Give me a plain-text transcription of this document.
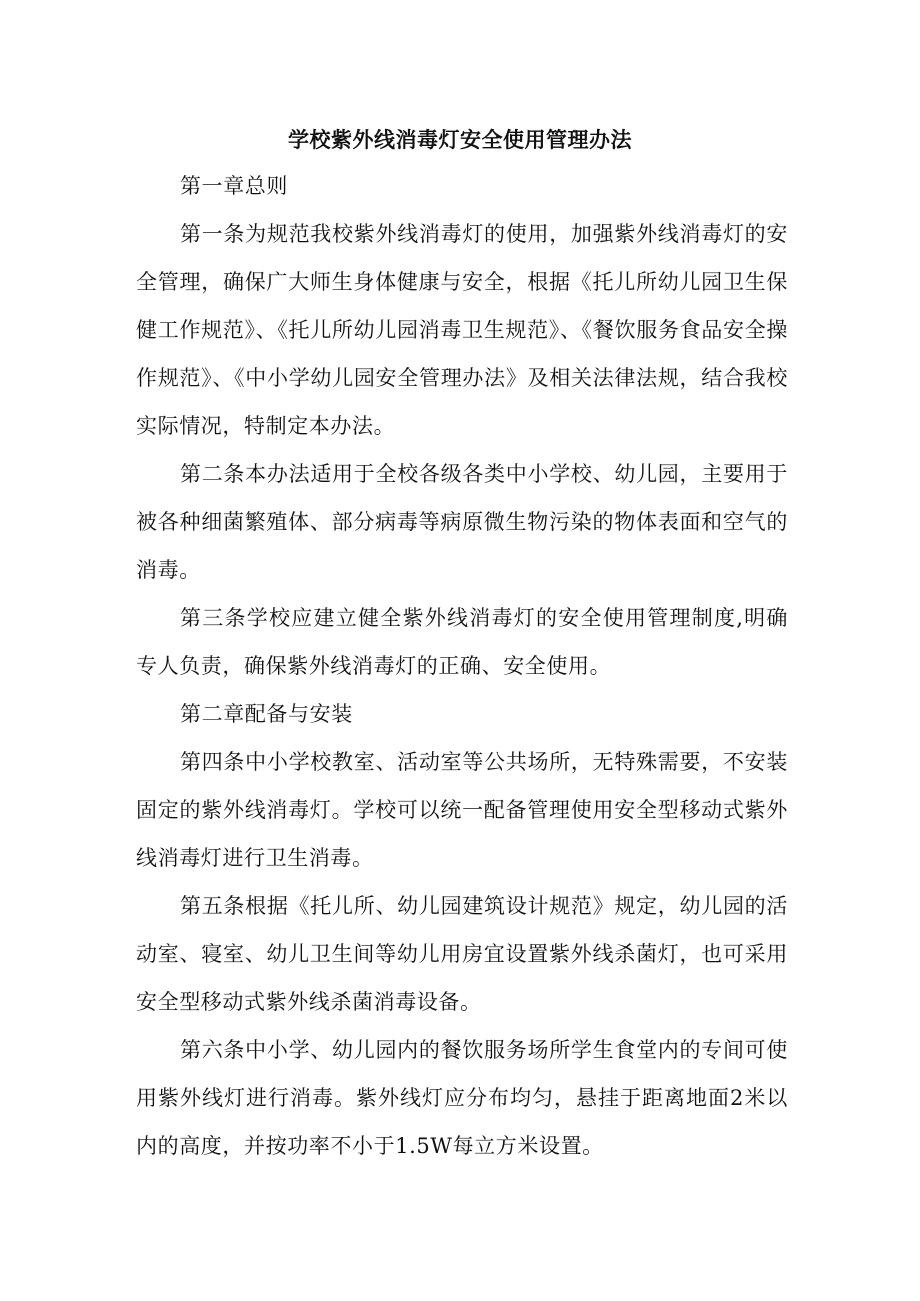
学校紫外线消毒灯安全使用管理办法

第一章总则

第一条为规范我校紫外线消毒灯的使用，加强紫外线消毒灯的安全管理，确保广大师生身体健康与安全，根据《托儿所幼儿园卫生保健工作规范》、《托儿所幼儿园消毒卫生规范》、《餐饮服务食品安全操作规范》、《中小学幼儿园安全管理办法》及相关法律法规，结合我校实际情况，特制定本办法。

第二条本办法适用于全校各级各类中小学校、幼儿园，主要用于被各种细菌繁殖体、部分病毒等病原微生物污染的物体表面和空气的消毒。

第三条学校应建立健全紫外线消毒灯的安全使用管理制度,明确专人负责，确保紫外线消毒灯的正确、安全使用。

第二章配备与安装

第四条中小学校教室、活动室等公共场所，无特殊需要，不安装固定的紫外线消毒灯。学校可以统一配备管理使用安全型移动式紫外线消毒灯进行卫生消毒。

第五条根据《托儿所、幼儿园建筑设计规范》规定，幼儿园的活动室、寝室、幼儿卫生间等幼儿用房宜设置紫外线杀菌灯，也可采用安全型移动式紫外线杀菌消毒设备。

第六条中小学、幼儿园内的餐饮服务场所学生食堂内的专间可使用紫外线灯进行消毒。紫外线灯应分布均匀，悬挂于距离地面2米以内的高度，并按功率不小于1.5W每立方米设置。
